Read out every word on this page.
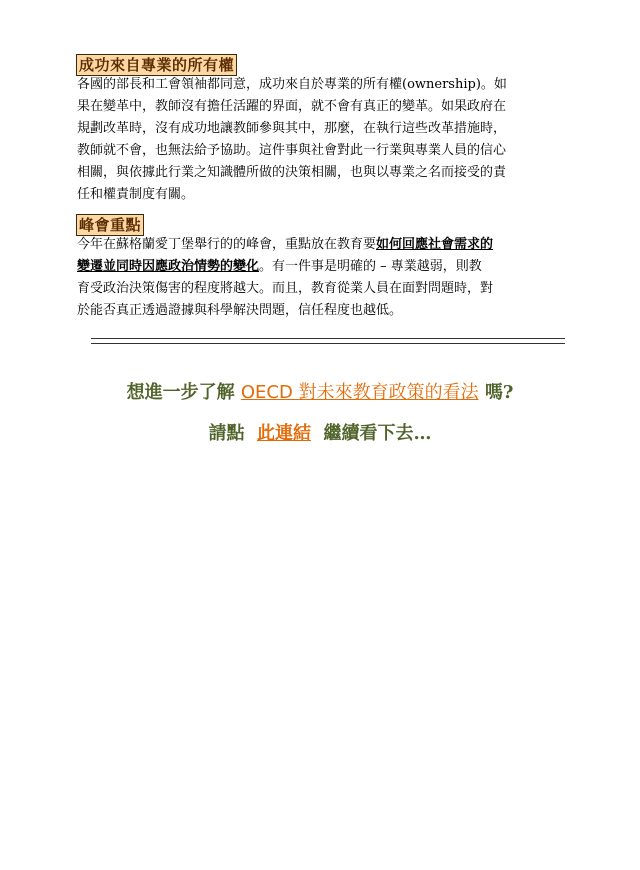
成功來自專業的所有權
各國的部長和工會領袖都同意，成功來自於專業的所有權(ownership)。如
果在變革中，教師沒有擔任活躍的界面，就不會有真正的變革。如果政府在
規劃改革時，沒有成功地讓教師參與其中，那麼，在執行這些改革措施時，
教師就不會，也無法給予協助。這件事與社會對此一行業與專業人員的信心
相關，與依據此行業之知識體所做的決策相關，也與以專業之名而接受的責
任和權責制度有關。
峰會重點
今年在蘇格蘭愛丁堡舉行的的峰會，重點放在教育要如何回應社會需求的
變遷並同時因應政治情勢的變化。有一件事是明確的 – 專業越弱，則教
育受政治決策傷害的程度將越大。而且，教育從業人員在面對問題時，對
於能否真正透過證據與科學解決問題，信任程度也越低。
想進一步了解 OECD 對未來教育政策的看法 嗎?
請點 此連結 繼續看下去…
